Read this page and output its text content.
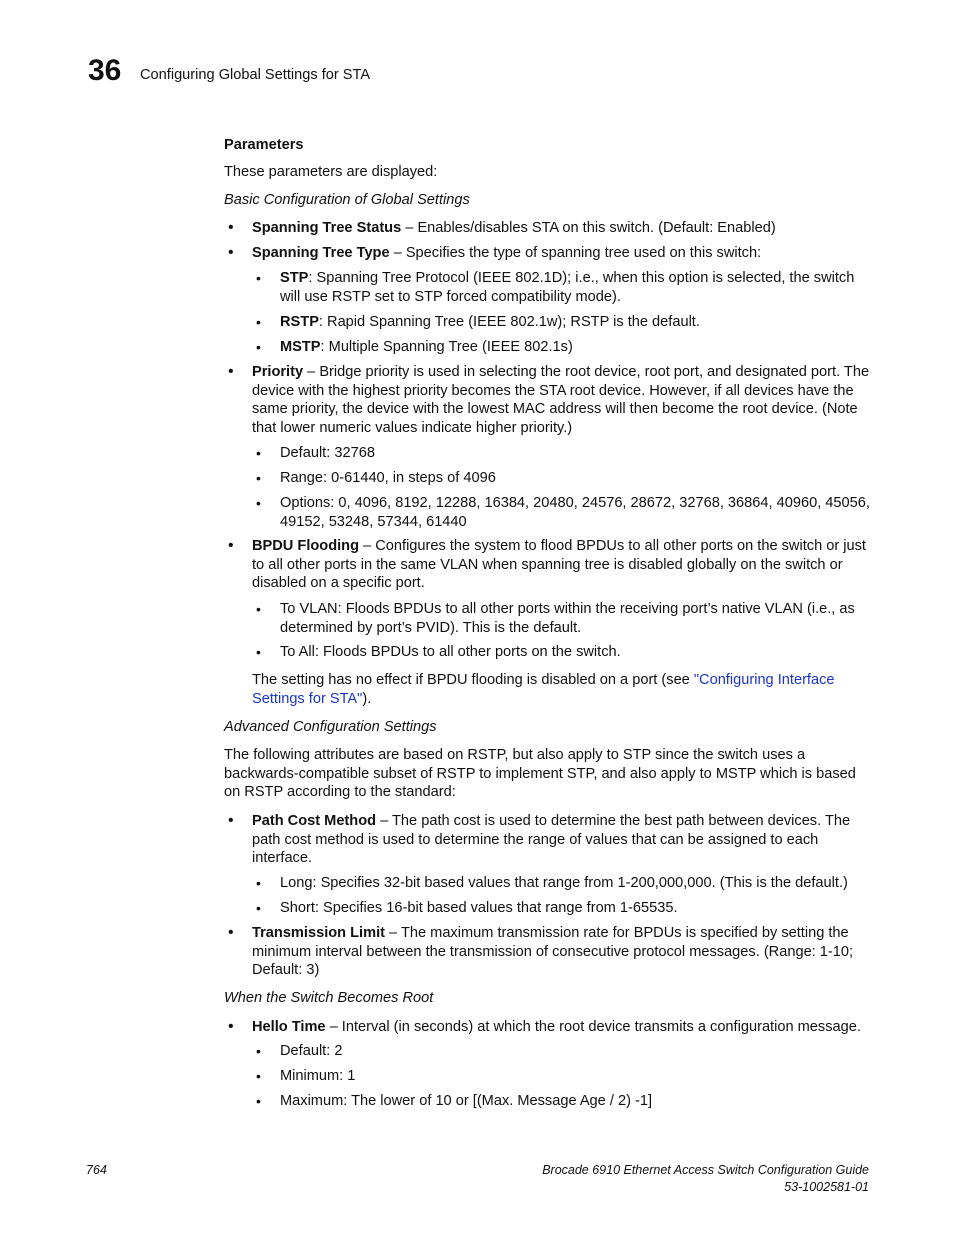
36 Configuring Global Settings for STA
Parameters
These parameters are displayed:
Basic Configuration of Global Settings
• Spanning Tree Status – Enables/disables STA on this switch. (Default: Enabled)
• Spanning Tree Type – Specifies the type of spanning tree used on this switch:
• STP: Spanning Tree Protocol (IEEE 802.1D); i.e., when this option is selected, the switch will use RSTP set to STP forced compatibility mode).
• RSTP: Rapid Spanning Tree (IEEE 802.1w); RSTP is the default.
• MSTP: Multiple Spanning Tree (IEEE 802.1s)
• Priority – Bridge priority is used in selecting the root device, root port, and designated port. The device with the highest priority becomes the STA root device. However, if all devices have the same priority, the device with the lowest MAC address will then become the root device. (Note that lower numeric values indicate higher priority.)
• Default: 32768
• Range: 0-61440, in steps of 4096
• Options: 0, 4096, 8192, 12288, 16384, 20480, 24576, 28672, 32768, 36864, 40960, 45056, 49152, 53248, 57344, 61440
• BPDU Flooding – Configures the system to flood BPDUs to all other ports on the switch or just to all other ports in the same VLAN when spanning tree is disabled globally on the switch or disabled on a specific port.
• To VLAN: Floods BPDUs to all other ports within the receiving port’s native VLAN (i.e., as determined by port’s PVID). This is the default.
• To All: Floods BPDUs to all other ports on the switch.
The setting has no effect if BPDU flooding is disabled on a port (see "Configuring Interface Settings for STA").
Advanced Configuration Settings
The following attributes are based on RSTP, but also apply to STP since the switch uses a backwards-compatible subset of RSTP to implement STP, and also apply to MSTP which is based on RSTP according to the standard:
• Path Cost Method – The path cost is used to determine the best path between devices. The path cost method is used to determine the range of values that can be assigned to each interface.
• Long: Specifies 32-bit based values that range from 1-200,000,000. (This is the default.)
• Short: Specifies 16-bit based values that range from 1-65535.
• Transmission Limit – The maximum transmission rate for BPDUs is specified by setting the minimum interval between the transmission of consecutive protocol messages. (Range: 1-10; Default: 3)
When the Switch Becomes Root
• Hello Time – Interval (in seconds) at which the root device transmits a configuration message.
• Default: 2
• Minimum: 1
• Maximum: The lower of 10 or [(Max. Message Age / 2) -1]
764	Brocade 6910 Ethernet Access Switch Configuration Guide
53-1002581-01
